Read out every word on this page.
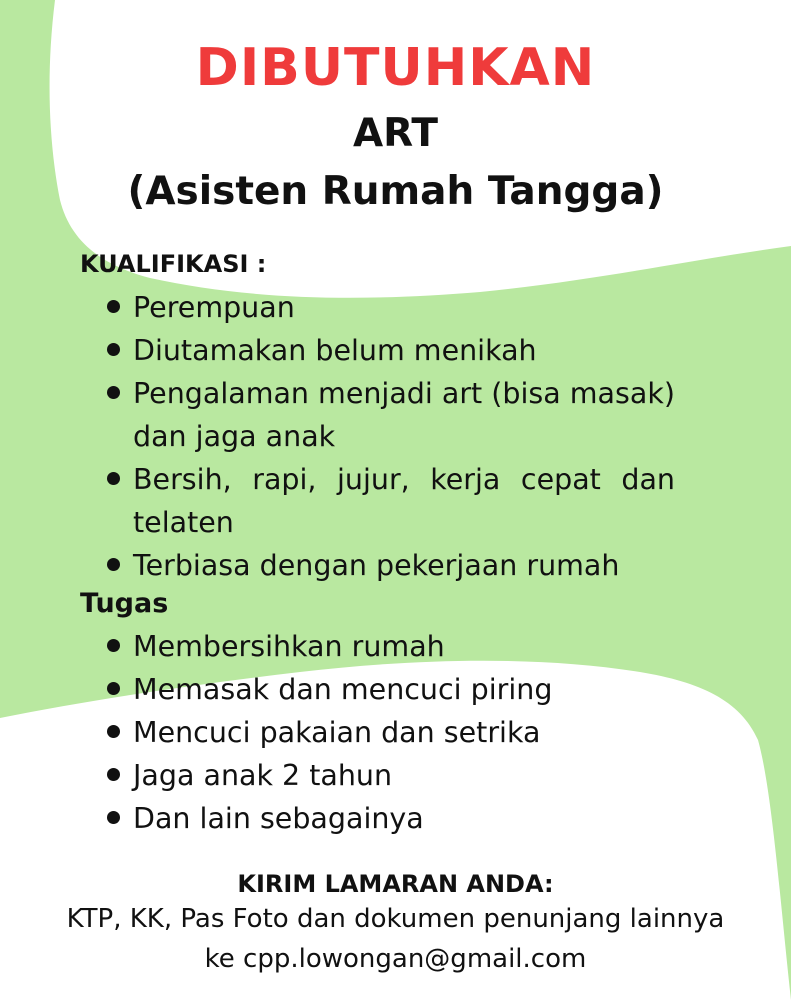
DIBUTUHKAN
ART
(Asisten Rumah Tangga)
KUALIFIKASI :
Perempuan
Diutamakan belum menikah
Pengalaman menjadi art (bisa masak) dan jaga anak
Bersih, rapi, jujur, kerja cepat dan telaten
Terbiasa dengan pekerjaan rumah
Tugas
Membersihkan rumah
Memasak dan mencuci piring
Mencuci pakaian dan setrika
Jaga anak 2 tahun
Dan lain sebagainya
KIRIM LAMARAN ANDA:
KTP, KK, Pas Foto dan dokumen penunjang lainnya
ke cpp.lowongan@gmail.com
